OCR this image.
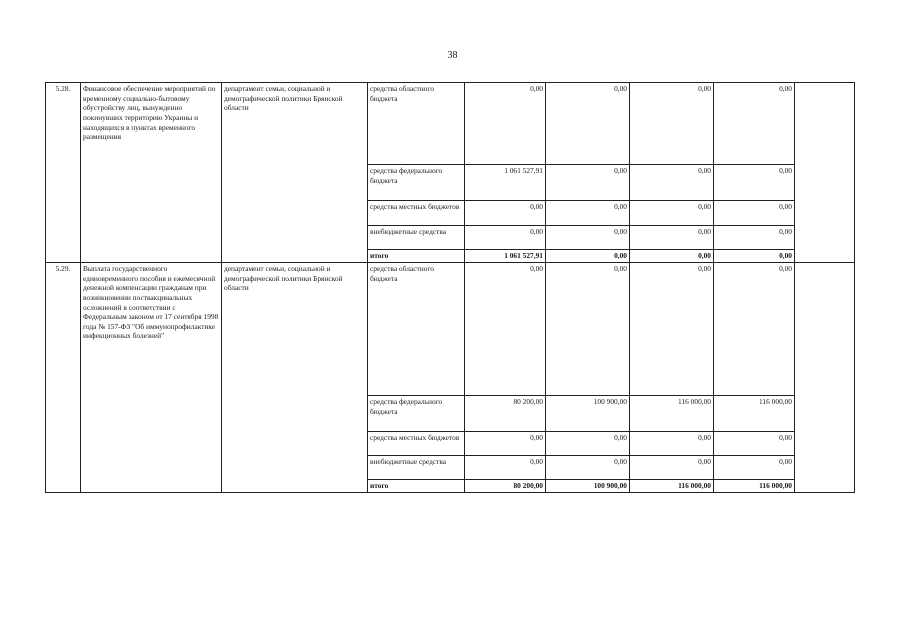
38
5.28.	Финансовое обеспечение мероприятий по временному социально-бытовому обустройству лиц, вынужденно покинувших территорию Украины и находящихся в пунктах временного размещения	департамент семьи, социальной и демографической политики Брянской области	средства областного бюджета	0,00	0,00	0,00	0,00	
			средства федерального бюджета	1 061 527,91	0,00	0,00	0,00	
			средства местных бюджетов	0,00	0,00	0,00	0,00	
			внебюджетные средства	0,00	0,00	0,00	0,00	
			итого	1 061 527,91	0,00	0,00	0,00	
5.29.	Выплата государственного единовременного пособия и ежемесячной денежной компенсации гражданам при возникновении поствакцинальных осложнений в соответствии с Федеральным законом от 17 сентября 1998 года № 157-ФЗ "Об иммунопрофилактике инфекционных болезней"	департамент семьи, социальной и демографической политики Брянской области	средства областного бюджета	0,00	0,00	0,00	0,00	
			средства федерального бюджета	80 200,00	100 900,00	116 000,00	116 000,00	
			средства местных бюджетов	0,00	0,00	0,00	0,00	
			внебюджетные средства	0,00	0,00	0,00	0,00	
			итого	80 200,00	100 900,00	116 000,00	116 000,00	
